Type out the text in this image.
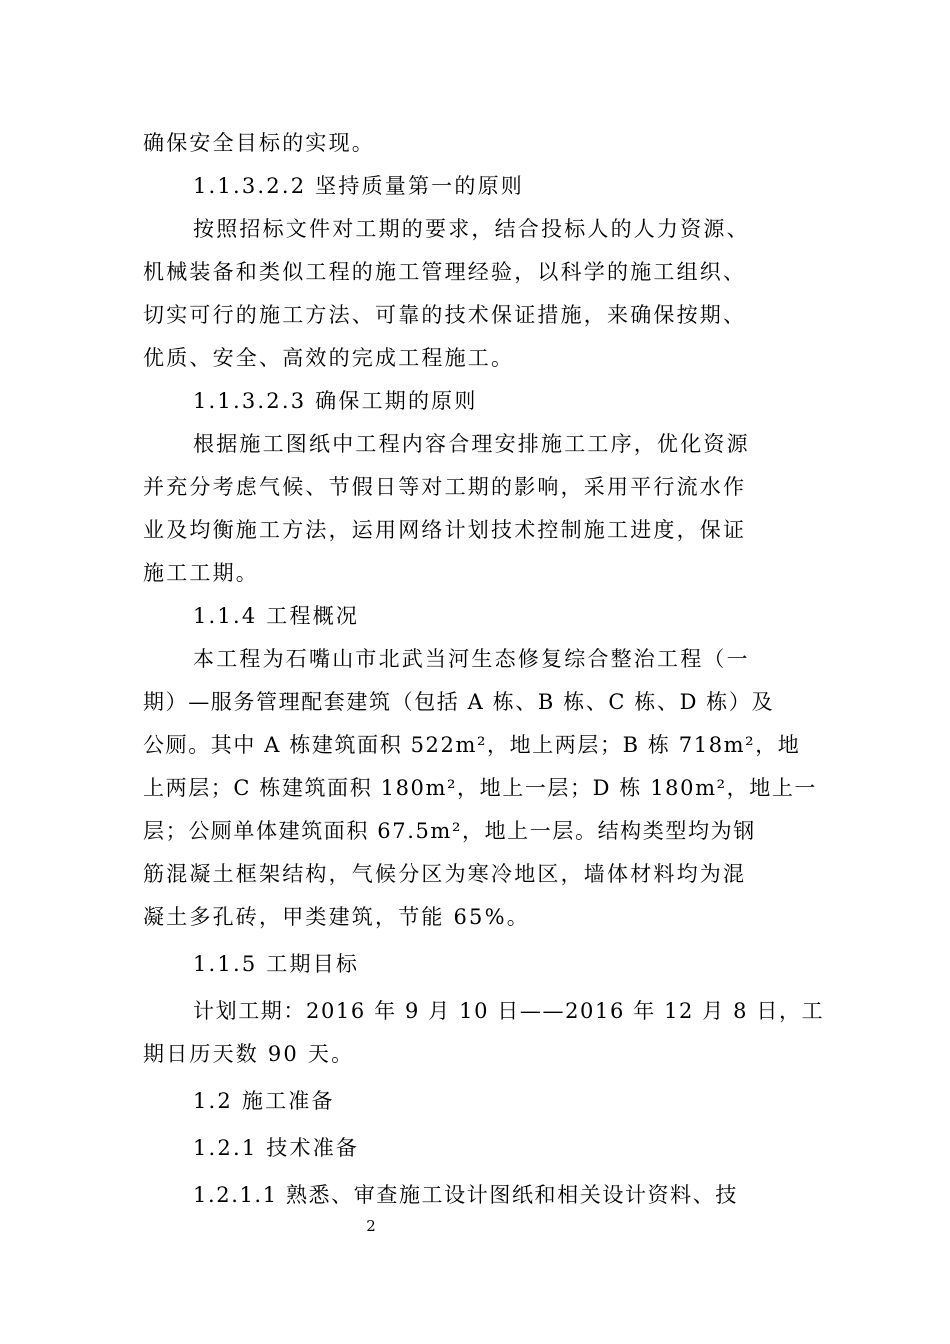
确保安全目标的实现。
1.1.3.2.2 坚持质量第一的原则
按照招标文件对工期的要求，结合投标人的人力资源、
机械装备和类似工程的施工管理经验，以科学的施工组织、
切实可行的施工方法、可靠的技术保证措施，来确保按期、
优质、安全、高效的完成工程施工。
1.1.3.2.3 确保工期的原则
根据施工图纸中工程内容合理安排施工工序，优化资源
并充分考虑气候、节假日等对工期的影响，采用平行流水作
业及均衡施工方法，运用网络计划技术控制施工进度，保证
施工工期。
1.1.4 工程概况
本工程为石嘴山市北武当河生态修复综合整治工程（一
期）—服务管理配套建筑（包括 A 栋、B 栋、C 栋、D 栋）及
公厕。其中 A 栋建筑面积 522m²，地上两层；B 栋 718m²，地
上两层；C 栋建筑面积 180m²，地上一层；D 栋 180m²，地上一
层；公厕单体建筑面积 67.5m²，地上一层。结构类型均为钢
筋混凝土框架结构，气候分区为寒冷地区，墙体材料均为混
凝土多孔砖，甲类建筑，节能 65%。
1.1.5 工期目标
计划工期：2016 年 9 月 10 日——2016 年 12 月 8 日，工
期日历天数 90 天。
1.2 施工准备
1.2.1 技术准备
1.2.1.1 熟悉、审查施工设计图纸和相关设计资料、技
2
